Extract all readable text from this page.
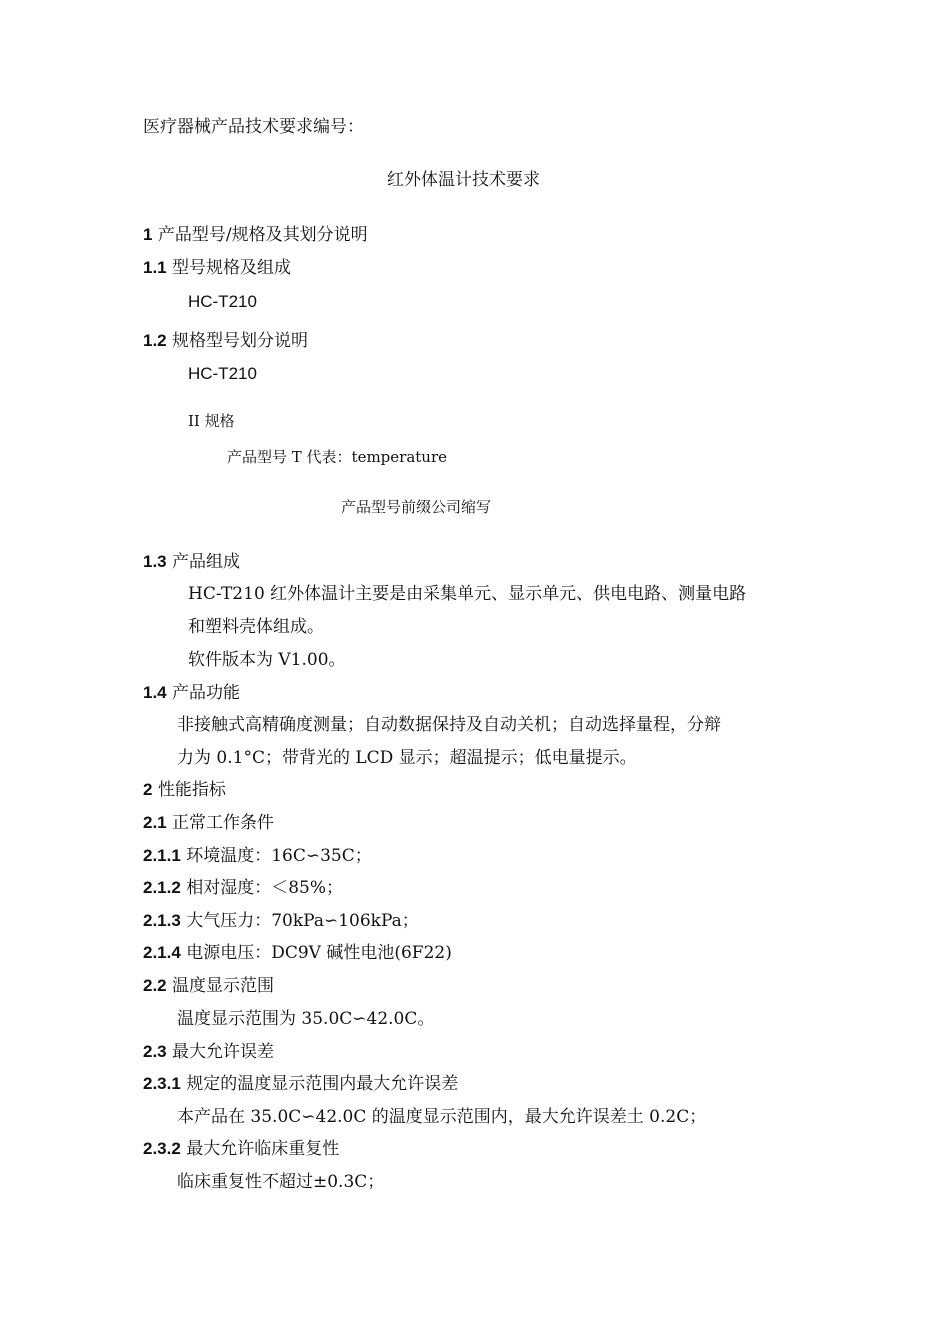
医疗器械产品技术要求编号：
红外体温计技术要求
1 产品型号/规格及其划分说明
1.1 型号规格及组成
HC-T210
1.2 规格型号划分说明
HC-T210
II 规格
产品型号 T 代表：temperature
产品型号前缀公司缩写
1.3 产品组成
HC-T210 红外体温计主要是由采集单元、显示单元、供电电路、测量电路
和塑料壳体组成。
软件版本为 V1.00。
1.4 产品功能
非接触式高精确度测量；自动数据保持及自动关机；自动选择量程，分辩
力为 0.1°C；带背光的 LCD 显示；超温提示；低电量提示。
2 性能指标
2.1 正常工作条件
2.1.1 环境温度：16C∽35C；
2.1.2 相对湿度：＜85%；
2.1.3 大气压力：70kPa∽106kPa；
2.1.4 电源电压：DC9V 碱性电池(6F22)
2.2 温度显示范围
温度显示范围为 35.0C∽42.0C。
2.3 最大允许误差
2.3.1 规定的温度显示范围内最大允许误差
本产品在 35.0C∽42.0C 的温度显示范围内，最大允许误差土 0.2C；
2.3.2 最大允许临床重复性
临床重复性不超过±0.3C；
